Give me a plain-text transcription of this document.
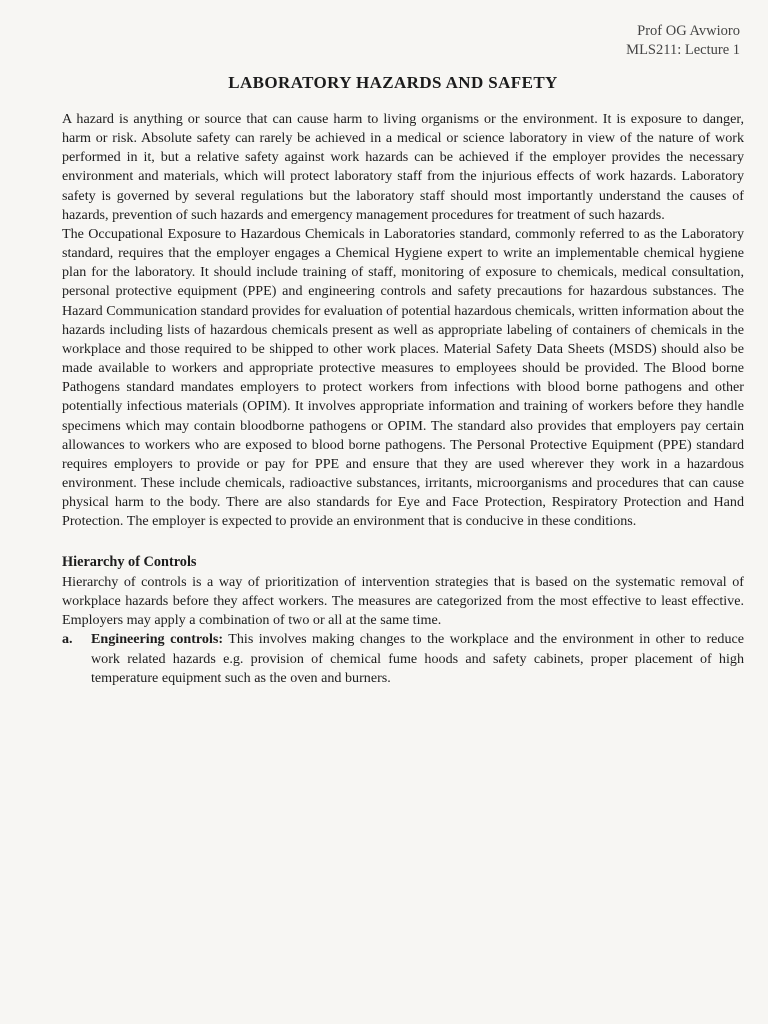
Prof OG Avwioro
MLS211: Lecture 1
LABORATORY HAZARDS AND SAFETY

A hazard is anything or source that can cause harm to living organisms or the environment. It is exposure to danger, harm or risk. Absolute safety can rarely be achieved in a medical or science laboratory in view of the nature of work performed in it, but a relative safety against work hazards can be achieved if the employer provides the necessary environment and materials, which will protect laboratory staff from the injurious effects of work hazards. Laboratory safety is governed by several regulations but the laboratory staff should most importantly understand the causes of hazards, prevention of such hazards and emergency management procedures for treatment of such hazards.

The Occupational Exposure to Hazardous Chemicals in Laboratories standard, commonly referred to as the Laboratory standard, requires that the employer engages a Chemical Hygiene expert to write an implementable chemical hygiene plan for the laboratory. It should include training of staff, monitoring of exposure to chemicals, medical consultation, personal protective equipment (PPE) and engineering controls and safety precautions for hazardous substances. The Hazard Communication standard provides for evaluation of potential hazardous chemicals, written information about the hazards including lists of hazardous chemicals present as well as appropriate labeling of containers of chemicals in the workplace and those required to be shipped to other work places. Material Safety Data Sheets (MSDS) should also be made available to workers and appropriate protective measures to employees should be provided. The Blood borne Pathogens standard mandates employers to protect workers from infections with blood borne pathogens and other potentially infectious materials (OPIM). It involves appropriate information and training of workers before they handle specimens which may contain bloodborne pathogens or OPIM. The standard also provides that employers pay certain allowances to workers who are exposed to blood borne pathogens. The Personal Protective Equipment (PPE) standard requires employers to provide or pay for PPE and ensure that they are used wherever they work in a hazardous environment. These include chemicals, radioactive substances, irritants, microorganisms and procedures that can cause physical harm to the body. There are also standards for Eye and Face Protection, Respiratory Protection and Hand Protection. The employer is expected to provide an environment that is conducive in these conditions.

Hierarchy of Controls

Hierarchy of controls is a way of prioritization of intervention strategies that is based on the systematic removal of workplace hazards before they affect workers. The measures are categorized from the most effective to least effective. Employers may apply a combination of two or all at the same time.

a.	Engineering controls: This involves making changes to the workplace and the environment in other to reduce work related hazards e.g. provision of chemical fume hoods and safety cabinets, proper placement of high temperature equipment such as the oven and burners.
